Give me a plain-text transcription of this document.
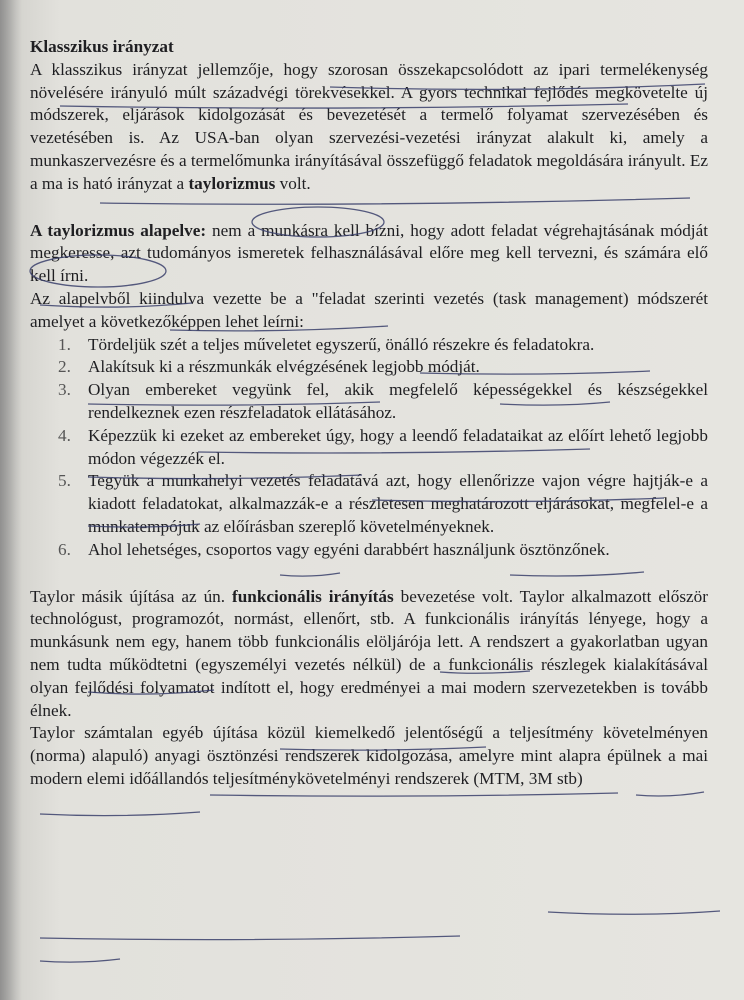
Klasszikus irányzat

A klasszikus irányzat jellemzője, hogy szorosan összekapcsolódott az ipari termelékenység növelésére irányuló múlt századvégi törekvésekkel. A gyors technikai fejlődés megkövetelte új módszerek, eljárások kidolgozását és bevezetését a termelő folyamat szervezésében és vezetésében is. Az USA-ban olyan szervezési-vezetési irányzat alakult ki, amely a munkaszervezésre és a termelőmunka irányításával összefüggő feladatok megoldására irányult. Ez a ma is ható irányzat a taylorizmus volt.

A taylorizmus alapelve: nem a munkásra kell bízni, hogy adott feladat végrehajtásának módját megkeresse, azt tudományos ismeretek felhasználásával előre meg kell tervezni, és számára elő kell írni.

Az alapelvből kiindulva vezette be a "feladat szerinti vezetés (task management) módszerét amelyet a következőképpen lehet leírni:

1. Tördeljük szét a teljes műveletet egyszerű, önálló részekre és feladatokra.
2. Alakítsuk ki a részmunkák elvégzésének legjobb módját.
3. Olyan embereket vegyünk fel, akik megfelelő képességekkel és készségekkel rendelkeznek ezen részfeladatok ellátásához.
4. Képezzük ki ezeket az embereket úgy, hogy a leendő feladataikat az előírt lehető legjobb módon végezzék el.
5. Tegyük a munkahelyi vezetés feladatává azt, hogy ellenőrizze vajon végre hajtják-e a kiadott feladatokat, alkalmazzák-e a részletesen meghatározott eljárásokat, megfelel-e a munkatempójuk az előírásban szereplő követelményeknek.
6. Ahol lehetséges, csoportos vagy egyéni darabbért használjunk ösztönzőnek.

Taylor másik újítása az ún. funkcionális irányítás bevezetése volt. Taylor alkalmazott először technológust, programozót, normást, ellenőrt, stb. A funkcionális irányítás lényege, hogy a munkásunk nem egy, hanem több funkcionális elöljárója lett. A rendszert a gyakorlatban ugyan nem tudta működtetni (egyszemélyi vezetés nélkül) de a funkcionális részlegek kialakításával olyan fejlődési folyamatot indított el, hogy eredményei a mai modern szervezetekben is tovább élnek.

Taylor számtalan egyéb újítása közül kiemelkedő jelentőségű a teljesítmény követelményen (norma) alapuló) anyagi ösztönzési rendszerek kidolgozása, amelyre mint alapra épülnek a mai modern elemi időállandós teljesítménykövetelményi rendszerek (MTM, 3M stb)
